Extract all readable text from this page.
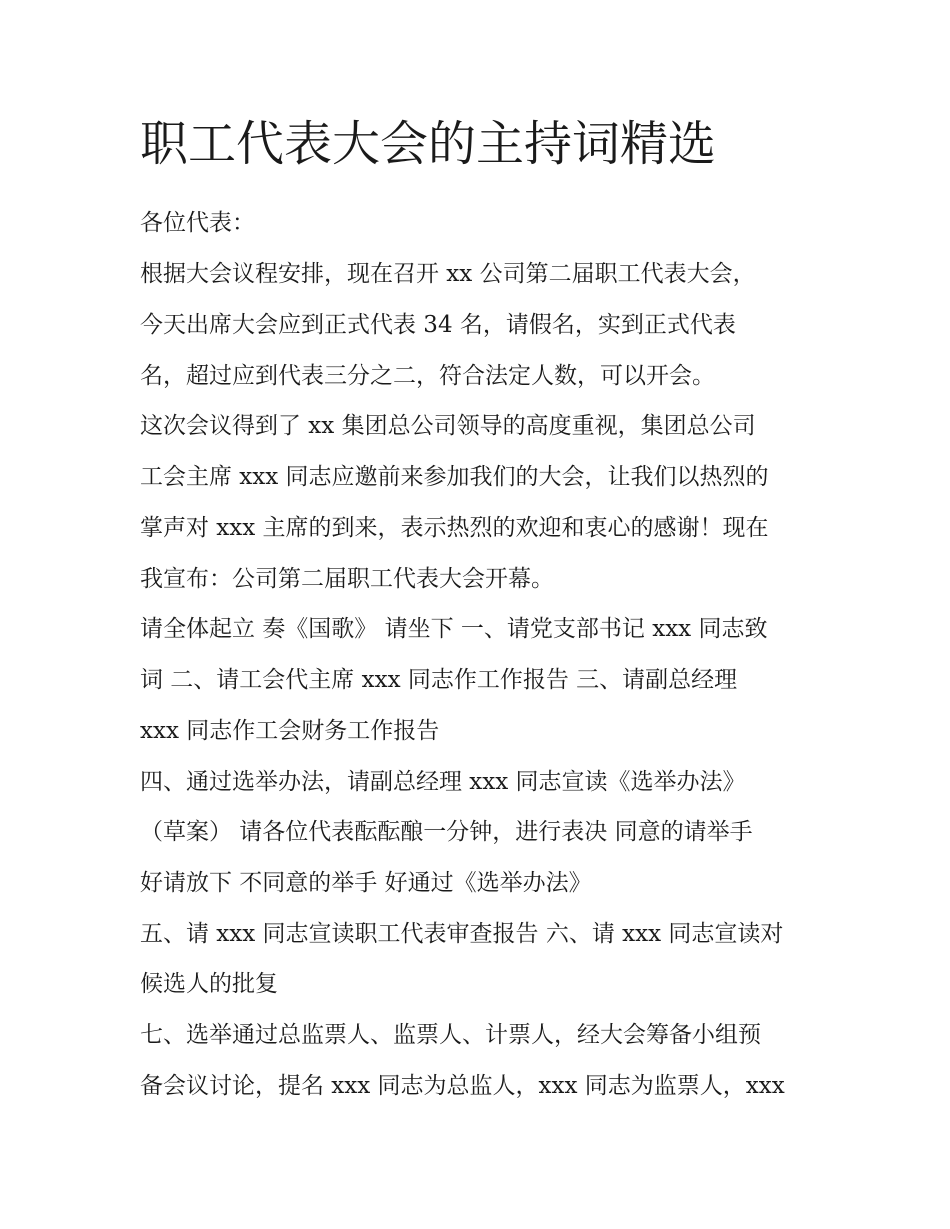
职工代表大会的主持词精选

各位代表：

根据大会议程安排，现在召开 xx 公司第二届职工代表大会，

今天出席大会应到正式代表 34 名，请假名，实到正式代表

名，超过应到代表三分之二，符合法定人数，可以开会。

这次会议得到了 xx 集团总公司领导的高度重视，集团总公司

工会主席 xxx 同志应邀前来参加我们的大会，让我们以热烈的

掌声对 xxx 主席的到来，表示热烈的欢迎和衷心的感谢！现在

我宣布：公司第二届职工代表大会开幕。

请全体起立 奏《国歌》 请坐下 一、请党支部书记 xxx 同志致

词 二、请工会代主席 xxx 同志作工作报告 三、请副总经理

xxx 同志作工会财务工作报告

四、通过选举办法，请副总经理 xxx 同志宣读《选举办法》

（草案） 请各位代表酝酝酿一分钟，进行表决 同意的请举手

好请放下 不同意的举手 好通过《选举办法》

五、请 xxx 同志宣读职工代表审查报告 六、请 xxx 同志宣读对

候选人的批复

七、选举通过总监票人、监票人、计票人，经大会筹备小组预

备会议讨论，提名 xxx 同志为总监人，xxx 同志为监票人，xxx
